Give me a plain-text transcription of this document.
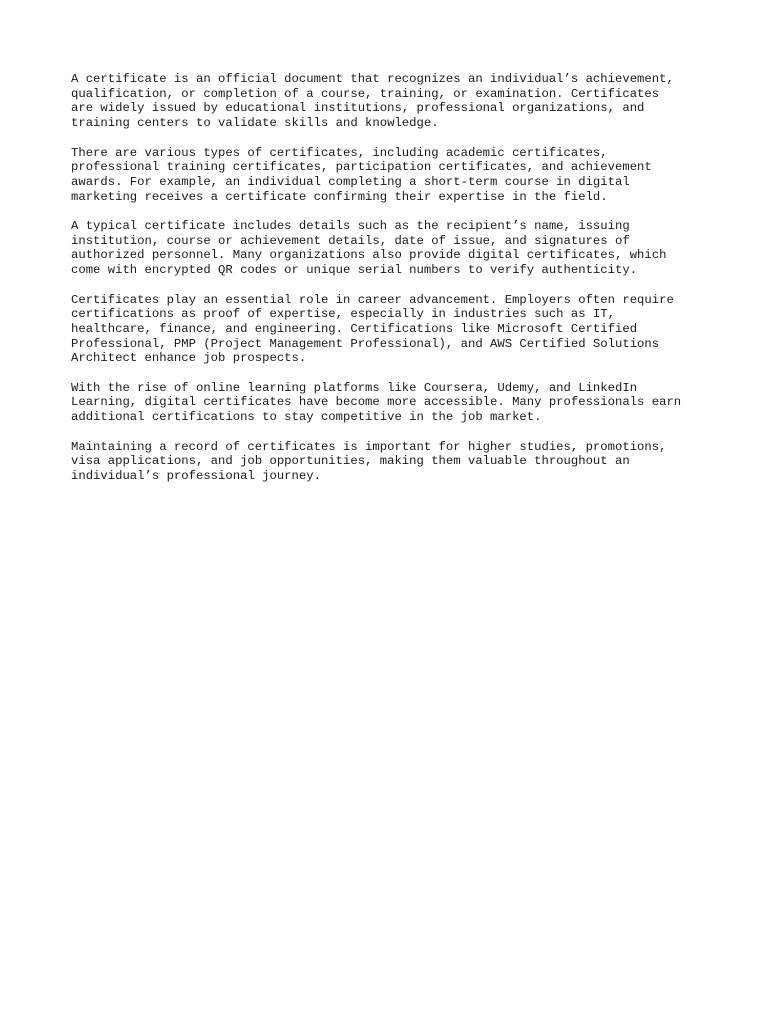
A certificate is an official document that recognizes an individual’s achievement,
qualification, or completion of a course, training, or examination. Certificates
are widely issued by educational institutions, professional organizations, and
training centers to validate skills and knowledge.

There are various types of certificates, including academic certificates,
professional training certificates, participation certificates, and achievement
awards. For example, an individual completing a short-term course in digital
marketing receives a certificate confirming their expertise in the field.

A typical certificate includes details such as the recipient’s name, issuing
institution, course or achievement details, date of issue, and signatures of
authorized personnel. Many organizations also provide digital certificates, which
come with encrypted QR codes or unique serial numbers to verify authenticity.

Certificates play an essential role in career advancement. Employers often require
certifications as proof of expertise, especially in industries such as IT,
healthcare, finance, and engineering. Certifications like Microsoft Certified
Professional, PMP (Project Management Professional), and AWS Certified Solutions
Architect enhance job prospects.

With the rise of online learning platforms like Coursera, Udemy, and LinkedIn
Learning, digital certificates have become more accessible. Many professionals earn
additional certifications to stay competitive in the job market.

Maintaining a record of certificates is important for higher studies, promotions,
visa applications, and job opportunities, making them valuable throughout an
individual’s professional journey.
